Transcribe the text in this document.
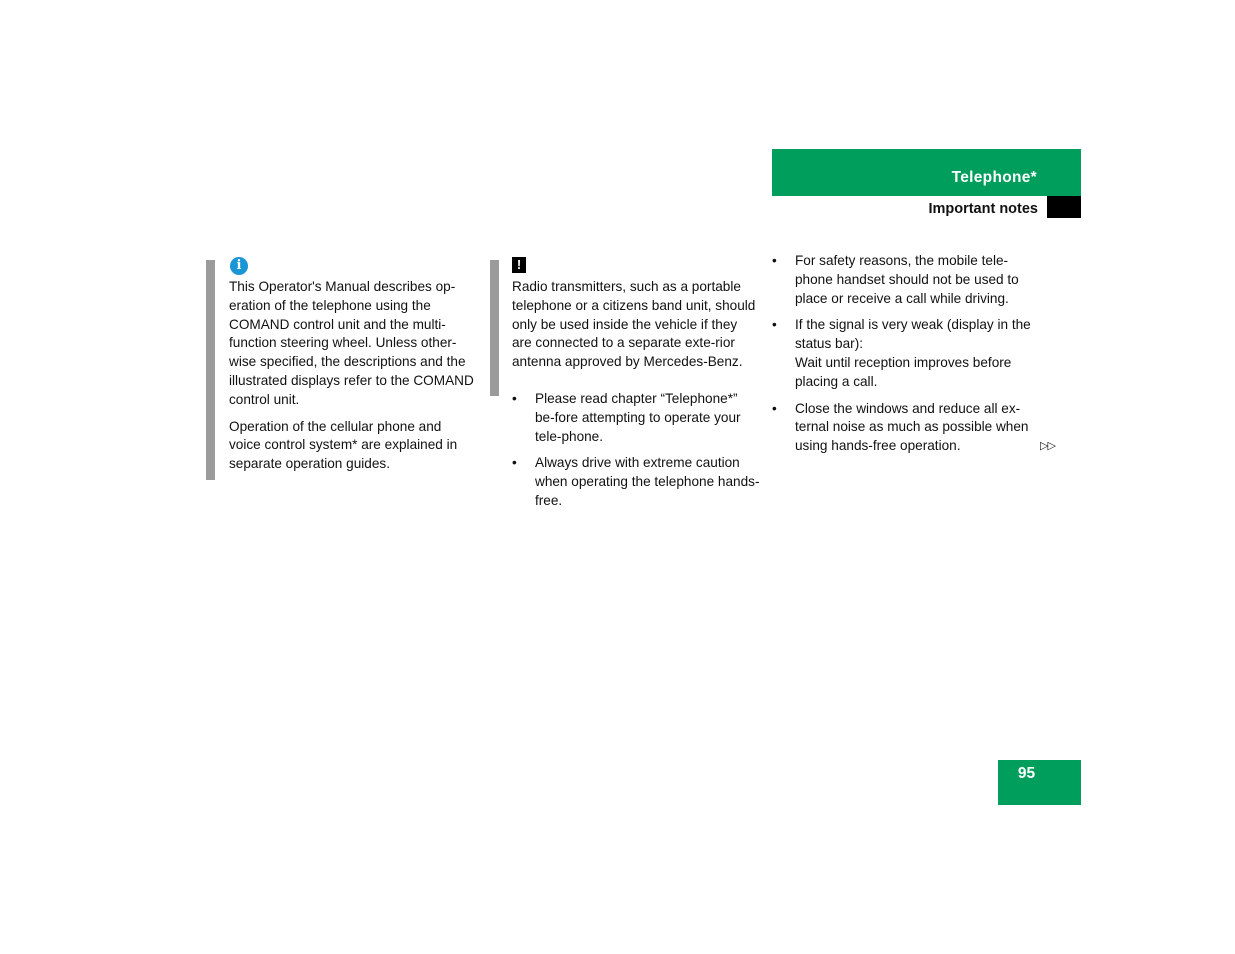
Telephone*
Important notes
i

This Operator's Manual describes op-eration of the telephone using the COMAND control unit and the multi-function steering wheel. Unless other-wise specified, the descriptions and the illustrated displays refer to the COMAND control unit.

Operation of the cellular phone and voice control system* are explained in separate operation guides.

!

Radio transmitters, such as a portable telephone or a citizens band unit, should only be used inside the vehicle if they are connected to a separate exte-rior antenna approved by Mercedes-Benz.

• Please read chapter “Telephone*” be-fore attempting to operate your tele-phone.
• Always drive with extreme caution when operating the telephone hands-free.
• For safety reasons, the mobile tele-phone handset should not be used to place or receive a call while driving.
• If the signal is very weak (display in the status bar):
Wait until reception improves before placing a call.
• Close the windows and reduce all ex-ternal noise as much as possible when using hands-free operation.	▷▷
95
